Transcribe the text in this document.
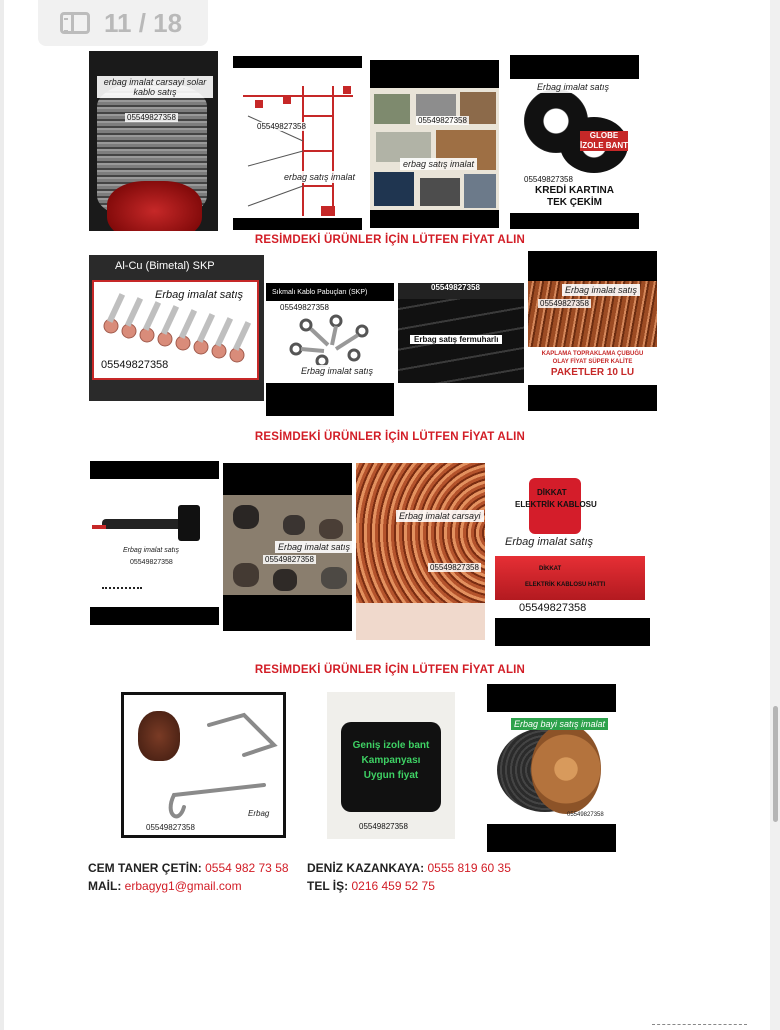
11 / 18
erbag imalat carsayi solar kablo satış
05549827358
05549827358
erbag satış imalat
05549827358
erbag satış imalat
Erbag imalat satış
GLOBE
İZOLE BANT
05549827358
KREDİ KARTINA
TEK ÇEKİM
RESİMDEKİ ÜRÜNLER İÇİN LÜTFEN FİYAT ALIN
Al-Cu (Bimetal) SKP
Erbag imalat satış
05549827358
Sıkmalı Kablo Pabuçları (SKP)
05549827358
Erbag imalat satış
05549827358
Erbag satış fermuharlı
Erbag imalat satış
05549827358
KAPLAMA TOPRAKLAMA ÇUBUĞU
OLAY FİYAT SÜPER KALİTE
PAKETLER 10 LU
RESİMDEKİ ÜRÜNLER İÇİN LÜTFEN FİYAT ALIN
Erbag imalat satış
05549827358
Erbag imalat satış
05549827358
Erbag imalat carsayi
05549827358
DİKKAT
ELEKTRİK KABLOSU
Erbag imalat satış
DİKKAT
ELEKTRİK KABLOSU HATTI
05549827358
RESİMDEKİ ÜRÜNLER İÇİN LÜTFEN FİYAT ALIN
Erbag
05549827358
Geniş izole bant
Kampanyası
Uygun fiyat
05549827358
Erbag bayi satış imalat
05549827358
CEM TANER ÇETİN: 0554 982 73 58 DENİZ KAZANKAYA: 0555 819 60 35
MAİL: erbagyg1@gmail.com	TEL İŞ: 0216 459 52 75
